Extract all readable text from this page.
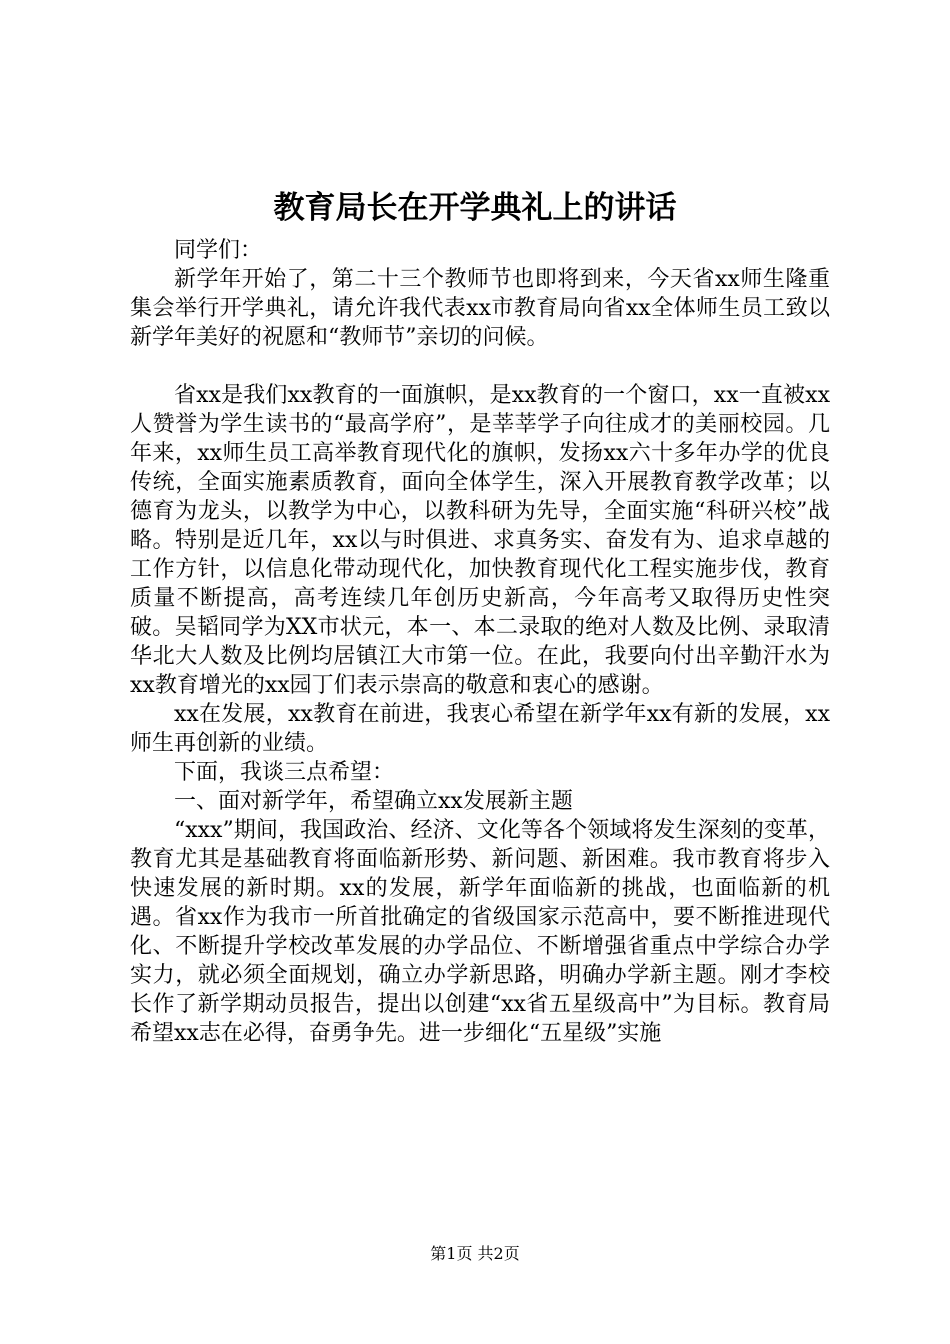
教育局长在开学典礼上的讲话

同学们：

新学年开始了，第二十三个教师节也即将到来，今天省xx师生隆重集会举行开学典礼，请允许我代表xx市教育局向省xx全体师生员工致以新学年美好的祝愿和“教师节”亲切的问候。

省xx是我们xx教育的一面旗帜，是xx教育的一个窗口，xx一直被xx人赞誉为学生读书的“最高学府”，是莘莘学子向往成才的美丽校园。几年来，xx师生员工高举教育现代化的旗帜，发扬xx六十多年办学的优良传统，全面实施素质教育，面向全体学生，深入开展教育教学改革；以德育为龙头，以教学为中心，以教科研为先导，全面实施“科研兴校”战略。特别是近几年，xx以与时俱进、求真务实、奋发有为、追求卓越的工作方针，以信息化带动现代化，加快教育现代化工程实施步伐，教育质量不断提高，高考连续几年创历史新高，今年高考又取得历史性突破。吴韬同学为XX市状元，本一、本二录取的绝对人数及比例、录取清华北大人数及比例均居镇江大市第一位。在此，我要向付出辛勤汗水为xx教育增光的xx园丁们表示崇高的敬意和衷心的感谢。

xx在发展，xx教育在前进，我衷心希望在新学年xx有新的发展，xx师生再创新的业绩。

下面，我谈三点希望：

一、面对新学年，希望确立xx发展新主题

“xxx”期间，我国政治、经济、文化等各个领域将发生深刻的变革，教育尤其是基础教育将面临新形势、新问题、新困难。我市教育将步入快速发展的新时期。xx的发展，新学年面临新的挑战，也面临新的机遇。省xx作为我市一所首批确定的省级国家示范高中，要不断推进现代化、不断提升学校改革发展的办学品位、不断增强省重点中学综合办学实力，就必须全面规划，确立办学新思路，明确办学新主题。刚才李校长作了新学期动员报告，提出以创建“xx省五星级高中”为目标。教育局希望xx志在必得，奋勇争先。进一步细化“五星级”实施

第1页 共2页
